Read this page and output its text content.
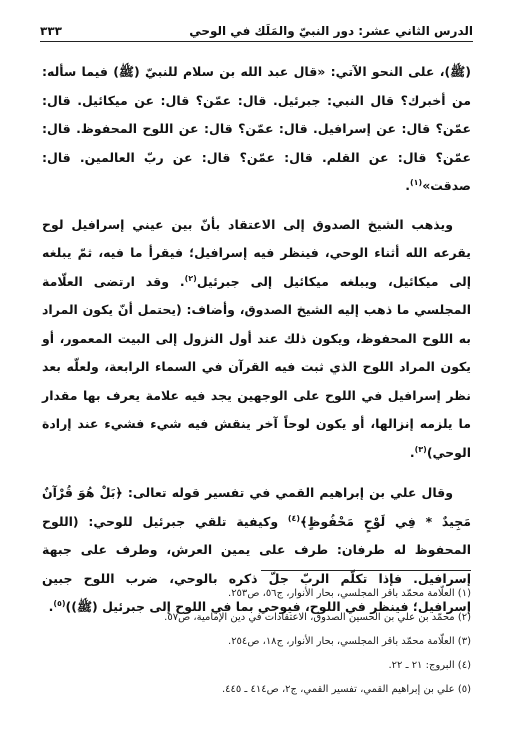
الدرس الثاني عشر: دور النبيّ والمَلَك في الوحي
٣٣٣

(ﷺ)، على النحو الآتي: «قال عبد الله بن سلام للنبيّ (ﷺ) فيما سأله: من أخبرك؟ قال النبي: جبرئيل. قال: عمّن؟ قال: عن ميكائيل. قال: عمّن؟ قال: عن إسرافيل. قال: عمّن؟ قال: عن اللوح المحفوظ. قال: عمّن؟ قال: عن القلم. قال: عمّن؟ قال: عن ربّ العالمين. قال: صدقت»$^{(١)}$.

ويذهب الشيخ الصدوق إلى الاعتقاد بأنّ بين عيني إسرافيل لوح يقرعه الله أثناء الوحي، فينظر فيه إسرافيل؛ فيقرأ ما فيه، ثمّ يبلغه إلى ميكائيل، ويبلغه ميكائيل إلى جبرئيل$^{(٢)}$. وقد ارتضى العلّامة المجلسي ما ذهب إليه الشيخ الصدوق، وأضاف: (يحتمل أنّ يكون المراد به اللوح المحفوظ، ويكون ذلك عند أول النزول إلى البيت المعمور، أو يكون المراد اللوح الذي ثبت فيه القرآن في السماء الرابعة، ولعلّه بعد نظر إسرافيل في اللوح على الوجهين يجد فيه علامة يعرف بها مقدار ما يلزمه إنزالها، أو يكون لوحاً آخر ينقش فيه شيء فشيء عند إرادة الوحي)$^{(٣)}$.

وقال علي بن إبراهيم القمي في تفسير قوله تعالى: ﴿بَلْ هُوَ قُرْآنٌ مَجِيدٌ * فِي لَوْحٍ مَحْفُوظٍ﴾$^{(٤)}$ وكيفية تلقي جبرئيل للوحي: (اللوح المحفوظ له طرفان: طرف على يمين العرش، وطرف على جبهة إسرافيل. فإذا تكلّم الربّ جلّ ذكره بالوحي، ضرب اللوح جبين إسرافيل؛ فينظر في اللوح، فيوحي بما في اللوح إلى جبرئيل (ﷺ))$^{(٥)}$.

(١) العلّامة محمّد باقر المجلسي، بحار الأنوار، ج٥٦، ص٢٥٣.
(٢) محمّد بن علي بن الحسين الصدوق، الاعتقادات في دين الإمامية، ص٥٧.
(٣) العلّامة محمّد باقر المجلسي، بحار الأنوار، ج١٨، ص٢٥٤.
(٤) البروج: ٢١ ـ ٢٢.
(٥) علي بن إبراهيم القمي، تفسير القمي، ج٢، ص٤١٤ ـ ٤٤٥.
